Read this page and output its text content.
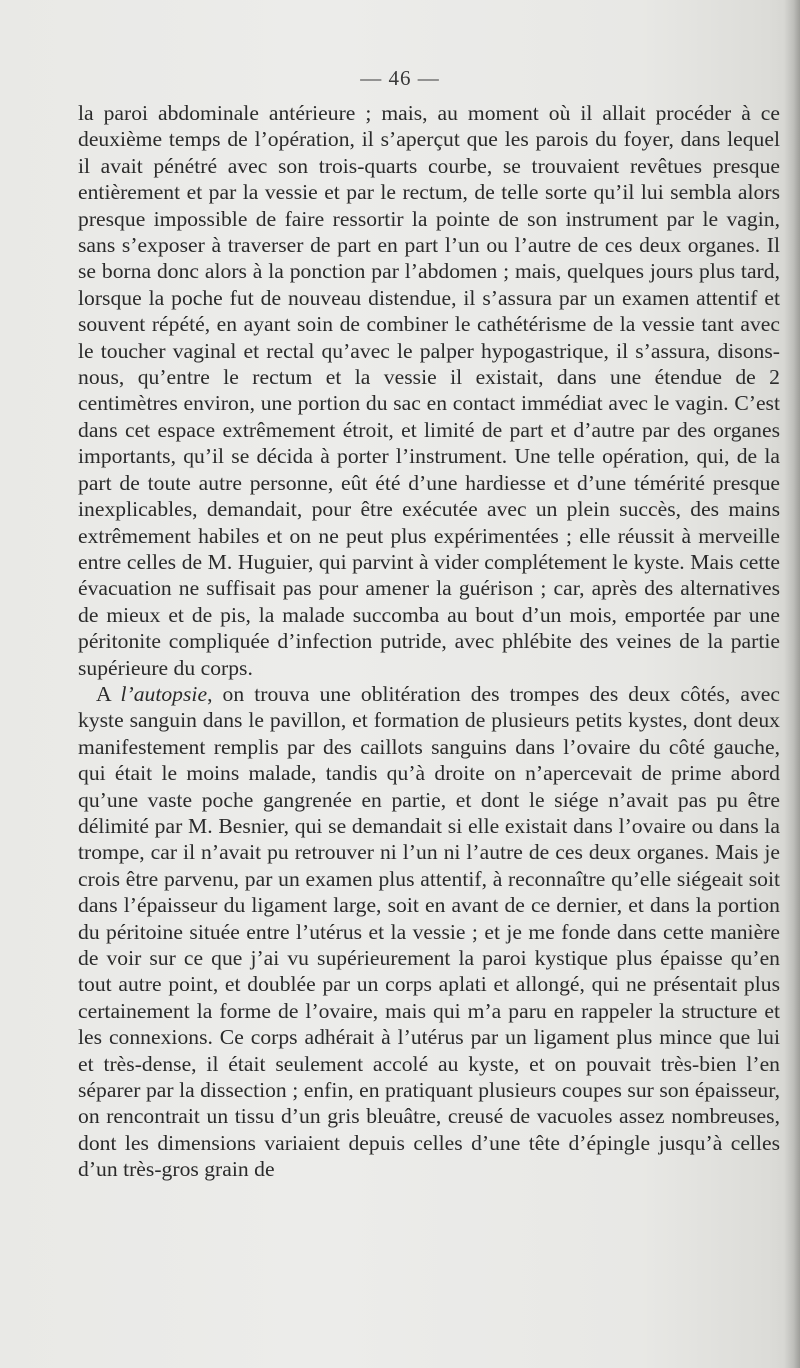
— 46 —

la paroi abdominale antérieure ; mais, au moment où il allait procéder à ce deuxième temps de l’opération, il s’aperçut que les parois du foyer, dans lequel il avait pénétré avec son trois-quarts courbe, se trouvaient revêtues presque entièrement et par la vessie et par le rectum, de telle sorte qu’il lui sembla alors presque impossible de faire ressortir la pointe de son instrument par le vagin, sans s’exposer à traverser de part en part l’un ou l’autre de ces deux organes. Il se borna donc alors à la ponction par l’abdomen ; mais, quelques jours plus tard, lorsque la poche fut de nouveau distendue, il s’assura par un examen attentif et souvent répété, en ayant soin de combiner le cathétérisme de la vessie tant avec le toucher vaginal et rectal qu’avec le palper hypogastrique, il s’assura, disons-nous, qu’entre le rectum et la vessie il existait, dans une étendue de 2 centimètres environ, une portion du sac en contact immédiat avec le vagin. C’est dans cet espace extrêmement étroit, et limité de part et d’autre par des organes importants, qu’il se décida à porter l’instrument. Une telle opération, qui, de la part de toute autre personne, eût été d’une hardiesse et d’une témérité presque inexplicables, demandait, pour être exécutée avec un plein succès, des mains extrêmement habiles et on ne peut plus expérimentées ; elle réussit à merveille entre celles de M. Huguier, qui parvint à vider complétement le kyste. Mais cette évacuation ne suffisait pas pour amener la guérison ; car, après des alternatives de mieux et de pis, la malade succomba au bout d’un mois, emportée par une péritonite compliquée d’infection putride, avec phlébite des veines de la partie supérieure du corps.

A l’autopsie, on trouva une oblitération des trompes des deux côtés, avec kyste sanguin dans le pavillon, et formation de plusieurs petits kystes, dont deux manifestement remplis par des caillots sanguins dans l’ovaire du côté gauche, qui était le moins malade, tandis qu’à droite on n’apercevait de prime abord qu’une vaste poche gangrenée en partie, et dont le siége n’avait pas pu être délimité par M. Besnier, qui se demandait si elle existait dans l’ovaire ou dans la trompe, car il n’avait pu retrouver ni l’un ni l’autre de ces deux organes. Mais je crois être parvenu, par un examen plus attentif, à reconnaître qu’elle siégeait soit dans l’épaisseur du ligament large, soit en avant de ce dernier, et dans la portion du péritoine située entre l’utérus et la vessie ; et je me fonde dans cette manière de voir sur ce que j’ai vu supérieurement la paroi kystique plus épaisse qu’en tout autre point, et doublée par un corps aplati et allongé, qui ne présentait plus certainement la forme de l’ovaire, mais qui m’a paru en rappeler la structure et les connexions. Ce corps adhérait à l’utérus par un ligament plus mince que lui et très-dense, il était seulement accolé au kyste, et on pouvait très-bien l’en séparer par la dissection ; enfin, en pratiquant plusieurs coupes sur son épaisseur, on rencontrait un tissu d’un gris bleuâtre, creusé de vacuoles assez nombreuses, dont les dimensions variaient depuis celles d’une tête d’épingle jusqu’à celles d’un très-gros grain de
